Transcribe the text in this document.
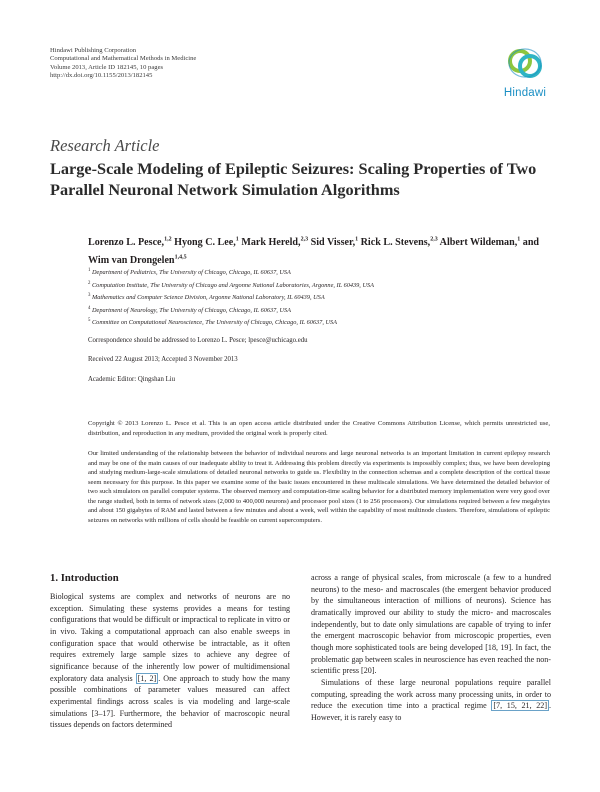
Hindawi Publishing Corporation
Computational and Mathematical Methods in Medicine
Volume 2013, Article ID 182145, 10 pages
http://dx.doi.org/10.1155/2013/182145
Hindawi
Research Article
Large-Scale Modeling of Epileptic Seizures: Scaling Properties of Two Parallel Neuronal Network Simulation Algorithms
Lorenzo L. Pesce,$^{1,2}$ Hyong C. Lee,$^1$ Mark Hereld,$^{2,3}$ Sid Visser,$^1$ Rick L. Stevens,$^{2,3}$ Albert Wildeman,$^1$ and Wim van Drongelen$^{1,4,5}$
$^1$ Department of Pediatrics, The University of Chicago, Chicago, IL 60637, USA
$^2$ Computation Institute, The University of Chicago and Argonne National Laboratories, Argonne, IL 60439, USA
$^3$ Mathematics and Computer Science Division, Argonne National Laboratory, IL 60439, USA
$^4$ Department of Neurology, The University of Chicago, Chicago, IL 60637, USA
$^5$ Committee on Computational Neuroscience, The University of Chicago, Chicago, IL 60637, USA
Correspondence should be addressed to Lorenzo L. Pesce; lpesce@uchicago.edu
Received 22 August 2013; Accepted 3 November 2013
Academic Editor: Qingshan Liu
Copyright © 2013 Lorenzo L. Pesce et al. This is an open access article distributed under the Creative Commons Attribution License, which permits unrestricted use, distribution, and reproduction in any medium, provided the original work is properly cited.
Our limited understanding of the relationship between the behavior of individual neurons and large neuronal networks is an important limitation in current epilepsy research and may be one of the main causes of our inadequate ability to treat it. Addressing this problem directly via experiments is impossibly complex; thus, we have been developing and studying medium-large-scale simulations of detailed neuronal networks to guide us. Flexibility in the connection schemas and a complete description of the cortical tissue seem necessary for this purpose. In this paper we examine some of the basic issues encountered in these multiscale simulations. We have determined the detailed behavior of two such simulators on parallel computer systems. The observed memory and computation-time scaling behavior for a distributed memory implementation were very good over the range studied, both in terms of network sizes (2,000 to 400,000 neurons) and processor pool sizes (1 to 256 processors). Our simulations required between a few megabytes and about 150 gigabytes of RAM and lasted between a few minutes and about a week, well within the capability of most multinode clusters. Therefore, simulations of epileptic seizures on networks with millions of cells should be feasible on current supercomputers.
1. Introduction

Biological systems are complex and networks of neurons are no exception. Simulating these systems provides a means for testing configurations that would be difficult or impractical to replicate in vitro or in vivo. Taking a computational approach can also enable sweeps in configuration space that would otherwise be intractable, as it often requires extremely large sample sizes to achieve any degree of significance because of the inherently low power of multidimensional exploratory data analysis [1, 2] . One approach to study how the many possible combinations of parameter values measured can affect experimental findings across scales is via modeling and large-scale simulations [3–17]. Furthermore, the behavior of macroscopic neural tissues depends on factors determined

across a range of physical scales, from microscale (a few to a hundred neurons) to the meso- and macroscales (the emergent behavior produced by the simultaneous interaction of millions of neurons). Science has dramatically improved our ability to study the micro- and macroscales independently, but to date only simulations are capable of trying to infer the emergent macroscopic behavior from microscopic properties, even though more sophisticated tools are being developed [18, 19]. In fact, the problematic gap between scales in neuroscience has even reached the non-scientific press [20].

Simulations of these large neuronal populations require parallel computing, spreading the work across many processing units, in order to reduce the execution time into a practical regime [7, 15, 21, 22] . However, it is rarely easy to
